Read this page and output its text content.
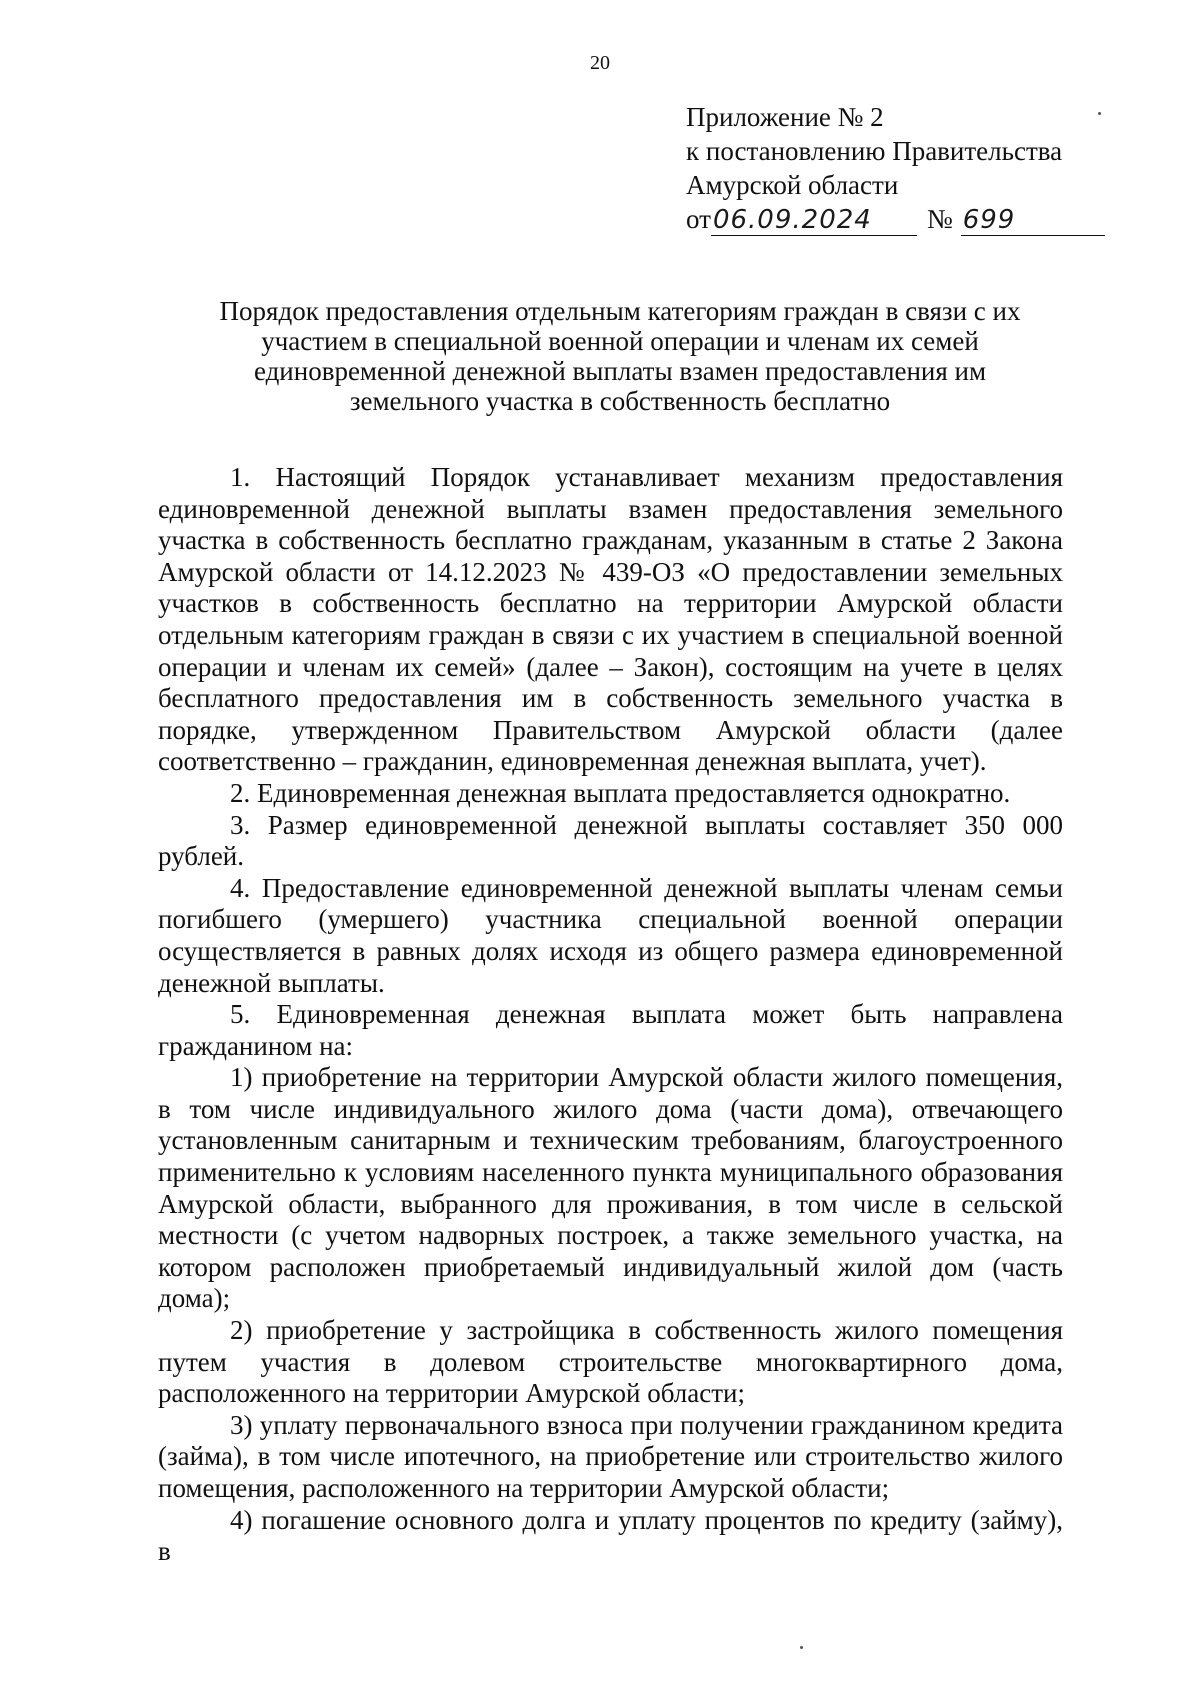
20
Приложение № 2
к постановлению Правительства
Амурской области
от 06.09.2024	№ 699
Порядок предоставления отдельным категориям граждан в связи с их
участием в специальной военной операции и членам их семей
единовременной денежной выплаты взамен предоставления им
земельного участка в собственность бесплатно

1. Настоящий Порядок устанавливает механизм предоставления единовременной денежной выплаты взамен предоставления земельного участка в собственность бесплатно гражданам, указанным в статье 2 Закона Амурской области от 14.12.2023 № 439-ОЗ «О предоставлении земельных участков в собственность бесплатно на территории Амурской области отдельным категориям граждан в связи с их участием в специальной военной операции и членам их семей» (далее – Закон), состоящим на учете в целях бесплатного предоставления им в собственность земельного участка в порядке, утвержденном Правительством Амурской области (далее соответственно – гражданин, единовременная денежная выплата, учет).

2. Единовременная денежная выплата предоставляется однократно.

3. Размер единовременной денежной выплаты составляет 350 000 рублей.

4. Предоставление единовременной денежной выплаты членам семьи погибшего (умершего) участника специальной военной операции осуществляется в равных долях исходя из общего размера единовременной денежной выплаты.

5. Единовременная денежная выплата может быть направлена гражданином на:

1) приобретение на территории Амурской области жилого помещения, в том числе индивидуального жилого дома (части дома), отвечающего установленным санитарным и техническим требованиям, благоустроенного применительно к условиям населенного пункта муниципального образования Амурской области, выбранного для проживания, в том числе в сельской местности (с учетом надворных построек, а также земельного участка, на котором расположен приобретаемый индивидуальный жилой дом (часть дома);

2) приобретение у застройщика в собственность жилого помещения путем участия в долевом строительстве многоквартирного дома, расположенного на территории Амурской области;

3) уплату первоначального взноса при получении гражданином кредита (займа), в том числе ипотечного, на приобретение или строительство жилого помещения, расположенного на территории Амурской области;

4) погашение основного долга и уплату процентов по кредиту (займу), в
